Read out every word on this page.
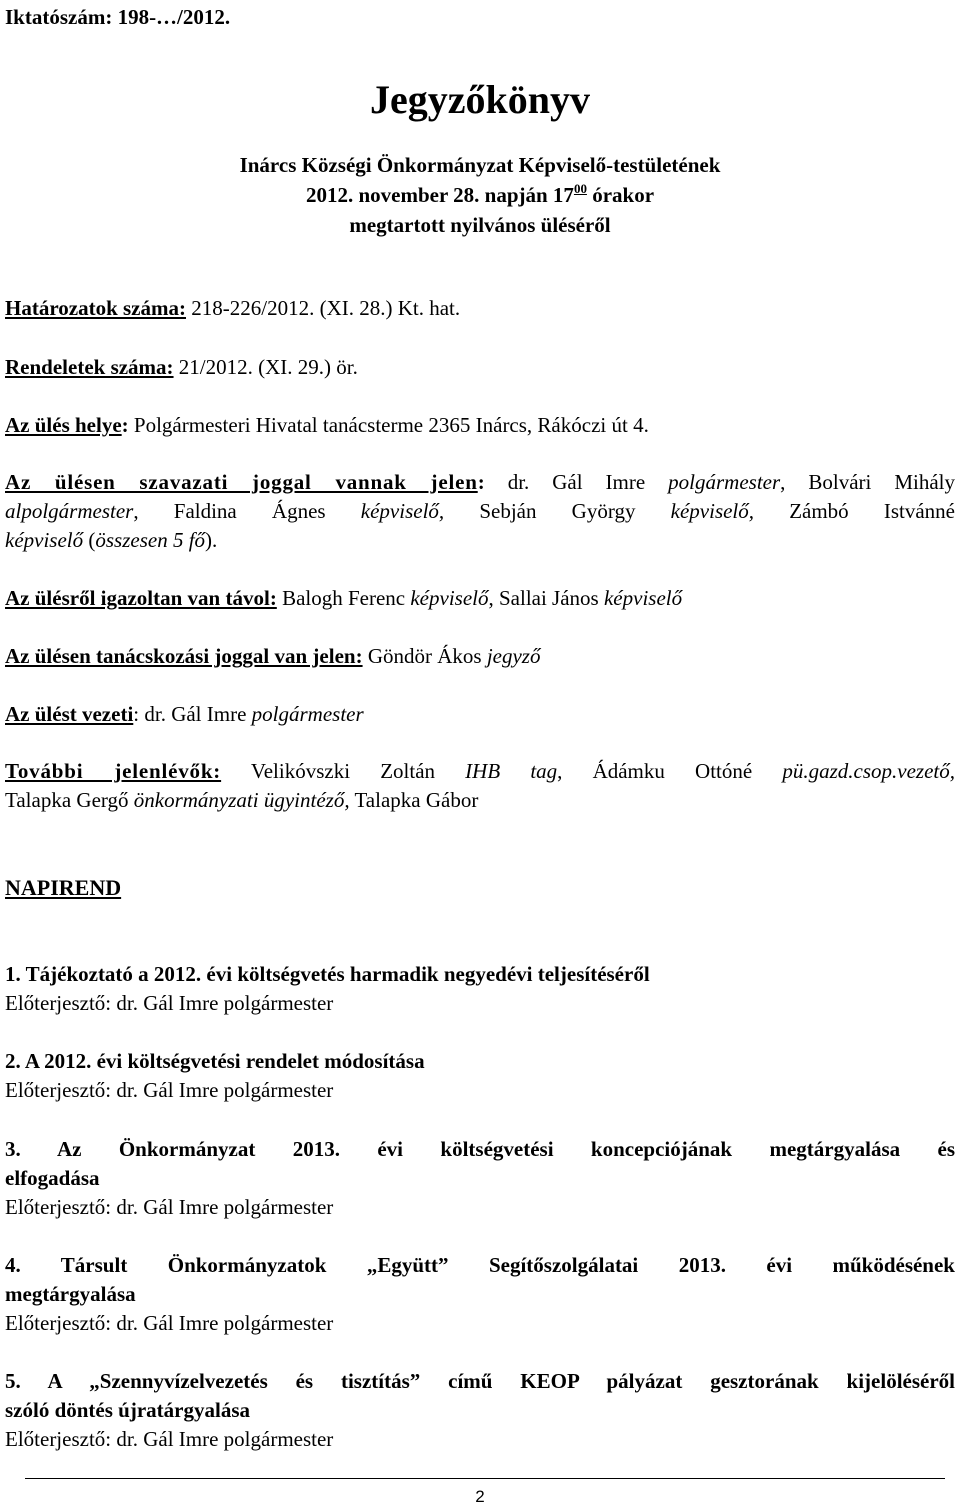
Iktatószám: 198-…/2012.
Jegyzőkönyv
Inárcs Községi Önkormányzat Képviselő-testületének
2012. november 28. napján $17^{00}$ órakor
megtartott nyilvános üléséről
Határozatok száma: 218-226/2012. (XI. 28.) Kt. hat.
Rendeletek száma: 21/2012. (XI. 29.) ör.
Az ülés helye: Polgármesteri Hivatal tanácsterme 2365 Inárcs, Rákóczi út 4.
Az ülésen szavazati joggal vannak jelen: dr. Gál Imre polgármester, Bolvári Mihály
alpolgármester, Faldina Ágnes képviselő, Sebján György képviselő, Zámbó Istvánné
képviselő (összesen 5 fő).
Az ülésről igazoltan van távol: Balogh Ferenc képviselő, Sallai János képviselő
Az ülésen tanácskozási joggal van jelen: Göndör Ákos jegyző
Az ülést vezeti: dr. Gál Imre polgármester
További jelenlévők: Velikóvszki Zoltán IHB tag, Ádámku Ottóné pü.gazd.csop.vezető,
Talapka Gergő önkormányzati ügyintéző, Talapka Gábor
NAPIREND
1. Tájékoztató a 2012. évi költségvetés harmadik negyedévi teljesítéséről
Előterjesztő: dr. Gál Imre polgármester
2. A 2012. évi költségvetési rendelet módosítása
Előterjesztő: dr. Gál Imre polgármester
3. Az Önkormányzat 2013. évi költségvetési koncepciójának megtárgyalása és
elfogadása
Előterjesztő: dr. Gál Imre polgármester
4. Társult Önkormányzatok „Együtt” Segítőszolgálatai 2013. évi működésének
megtárgyalása
Előterjesztő: dr. Gál Imre polgármester
5. A „Szennyvízelvezetés és tisztítás” című KEOP pályázat gesztorának kijelöléséről
szóló döntés újratárgyalása
Előterjesztő: dr. Gál Imre polgármester
2
